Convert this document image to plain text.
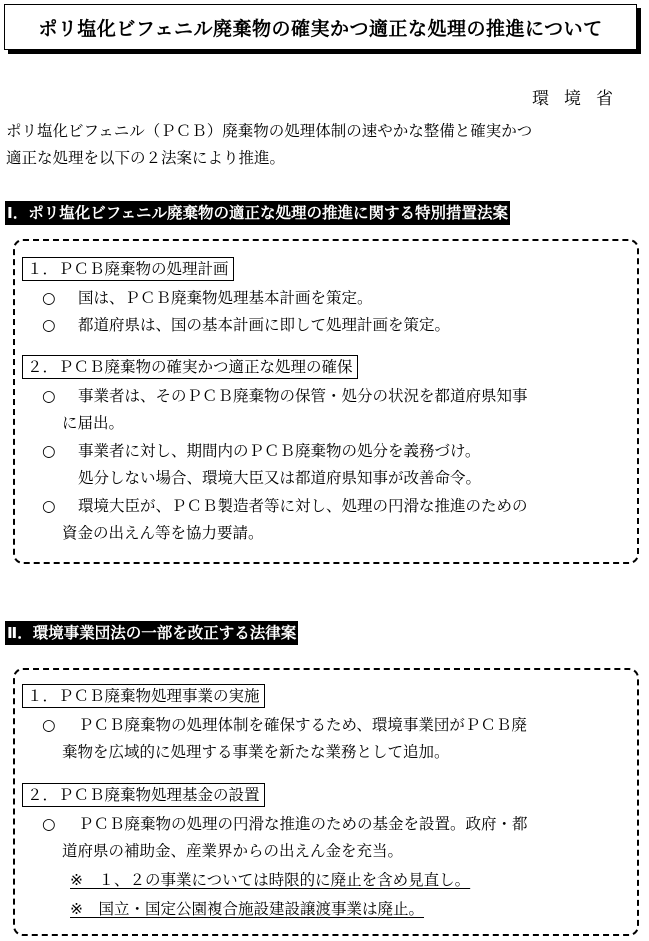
ポリ塩化ビフェニル廃棄物の確実かつ適正な処理の推進について
環境省
ポリ塩化ビフェニル（ＰＣＢ）廃棄物の処理体制の速やかな整備と確実かつ
適正な処理を以下の２法案により推進。
Ⅰ．ポリ塩化ビフェニル廃棄物の適正な処理の推進に関する特別措置法案
１．ＰＣＢ廃棄物の処理計画
○ 国は、ＰＣＢ廃棄物処理基本計画を策定。
○ 都道府県は、国の基本計画に即して処理計画を策定。
２．ＰＣＢ廃棄物の確実かつ適正な処理の確保
○ 事業者は、そのＰＣＢ廃棄物の保管・処分の状況を都道府県知事
に届出。
○ 事業者に対し、期間内のＰＣＢ廃棄物の処分を義務づけ。
処分しない場合、環境大臣又は都道府県知事が改善命令。
○ 環境大臣が、ＰＣＢ製造者等に対し、処理の円滑な推進のための
資金の出えん等を協力要請。
Ⅱ．環境事業団法の一部を改正する法律案
１．ＰＣＢ廃棄物処理事業の実施
○ ＰＣＢ廃棄物の処理体制を確保するため、環境事業団がＰＣＢ廃
棄物を広域的に処理する事業を新たな業務として追加。
２．ＰＣＢ廃棄物処理基金の設置
○ ＰＣＢ廃棄物の処理の円滑な推進のための基金を設置。政府・都
道府県の補助金、産業界からの出えん金を充当。
※　１、２の事業については時限的に廃止を含め見直し。
※　国立・国定公園複合施設建設譲渡事業は廃止。
